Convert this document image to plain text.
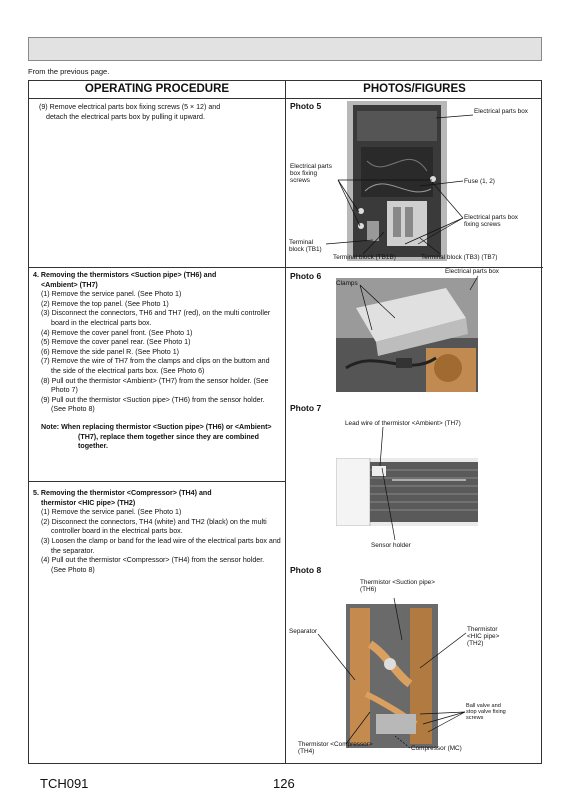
From the previous page.
OPERATING PROCEDURE	PHOTOS/FIGURES
(9) Remove electrical parts box fixing screws (5 × 12) and
detach the electrical parts box by pulling it upward.
4. Removing the thermistors <Suction pipe> (TH6) and
<Ambient> (TH7)
(1) Remove the service panel. (See Photo 1)
(2) Remove the top panel. (See Photo 1)
(3) Disconnect the connectors, TH6 and TH7 (red), on the multi controller board in the electrical parts box.
(4) Remove the cover panel front. (See Photo 1)
(5) Remove the cover panel rear. (See Photo 1)
(6) Remove the side panel R. (See Photo 1)
(7) Remove the wire of TH7 from the clamps and clips on the buttom and the side of the electrical parts box. (See Photo 6)
(8) Pull out the thermistor <Ambient> (TH7) from the sensor holder. (See Photo 7)
(9) Pull out the thermistor <Suction pipe> (TH6) from the sensor holder. (See Photo 8)
Note: When replacing thermistor <Suction pipe> (TH6) or <Ambient> (TH7), replace them together since they are combined together.
5. Removing the thermistor <Compressor> (TH4) and
thermistor <HIC pipe> (TH2)
(1) Remove the service panel. (See Photo 1)
(2) Disconnect the connectors, TH4 (white) and TH2 (black) on the multi controller board in the electrical parts box.
(3) Loosen the clamp or band for the lead wire of the electrical parts box and the separator.
(4) Pull out the thermistor <Compressor> (TH4) from the sensor holder. (See Photo 8)
Photo 5
Electrical parts box
Electrical parts box fixing screws	Fuse (1, 2)
Electrical parts box fixing screws
Terminal block (TB1)
Terminal block (TB1B)	Terminal block (TB3) (TB7)
Photo 6	Electrical parts box
Clamps
Photo 7
Lead wire of thermistor <Ambient> (TH7)
Sensor holder
Photo 8
Thermistor <Suction pipe> (TH6)
Separator	Thermistor <HIC pipe> (TH2)
Ball valve and stop valve fixing screws
Thermistor <Compressor> (TH4)	Compressor (MC)
TCH091	126
